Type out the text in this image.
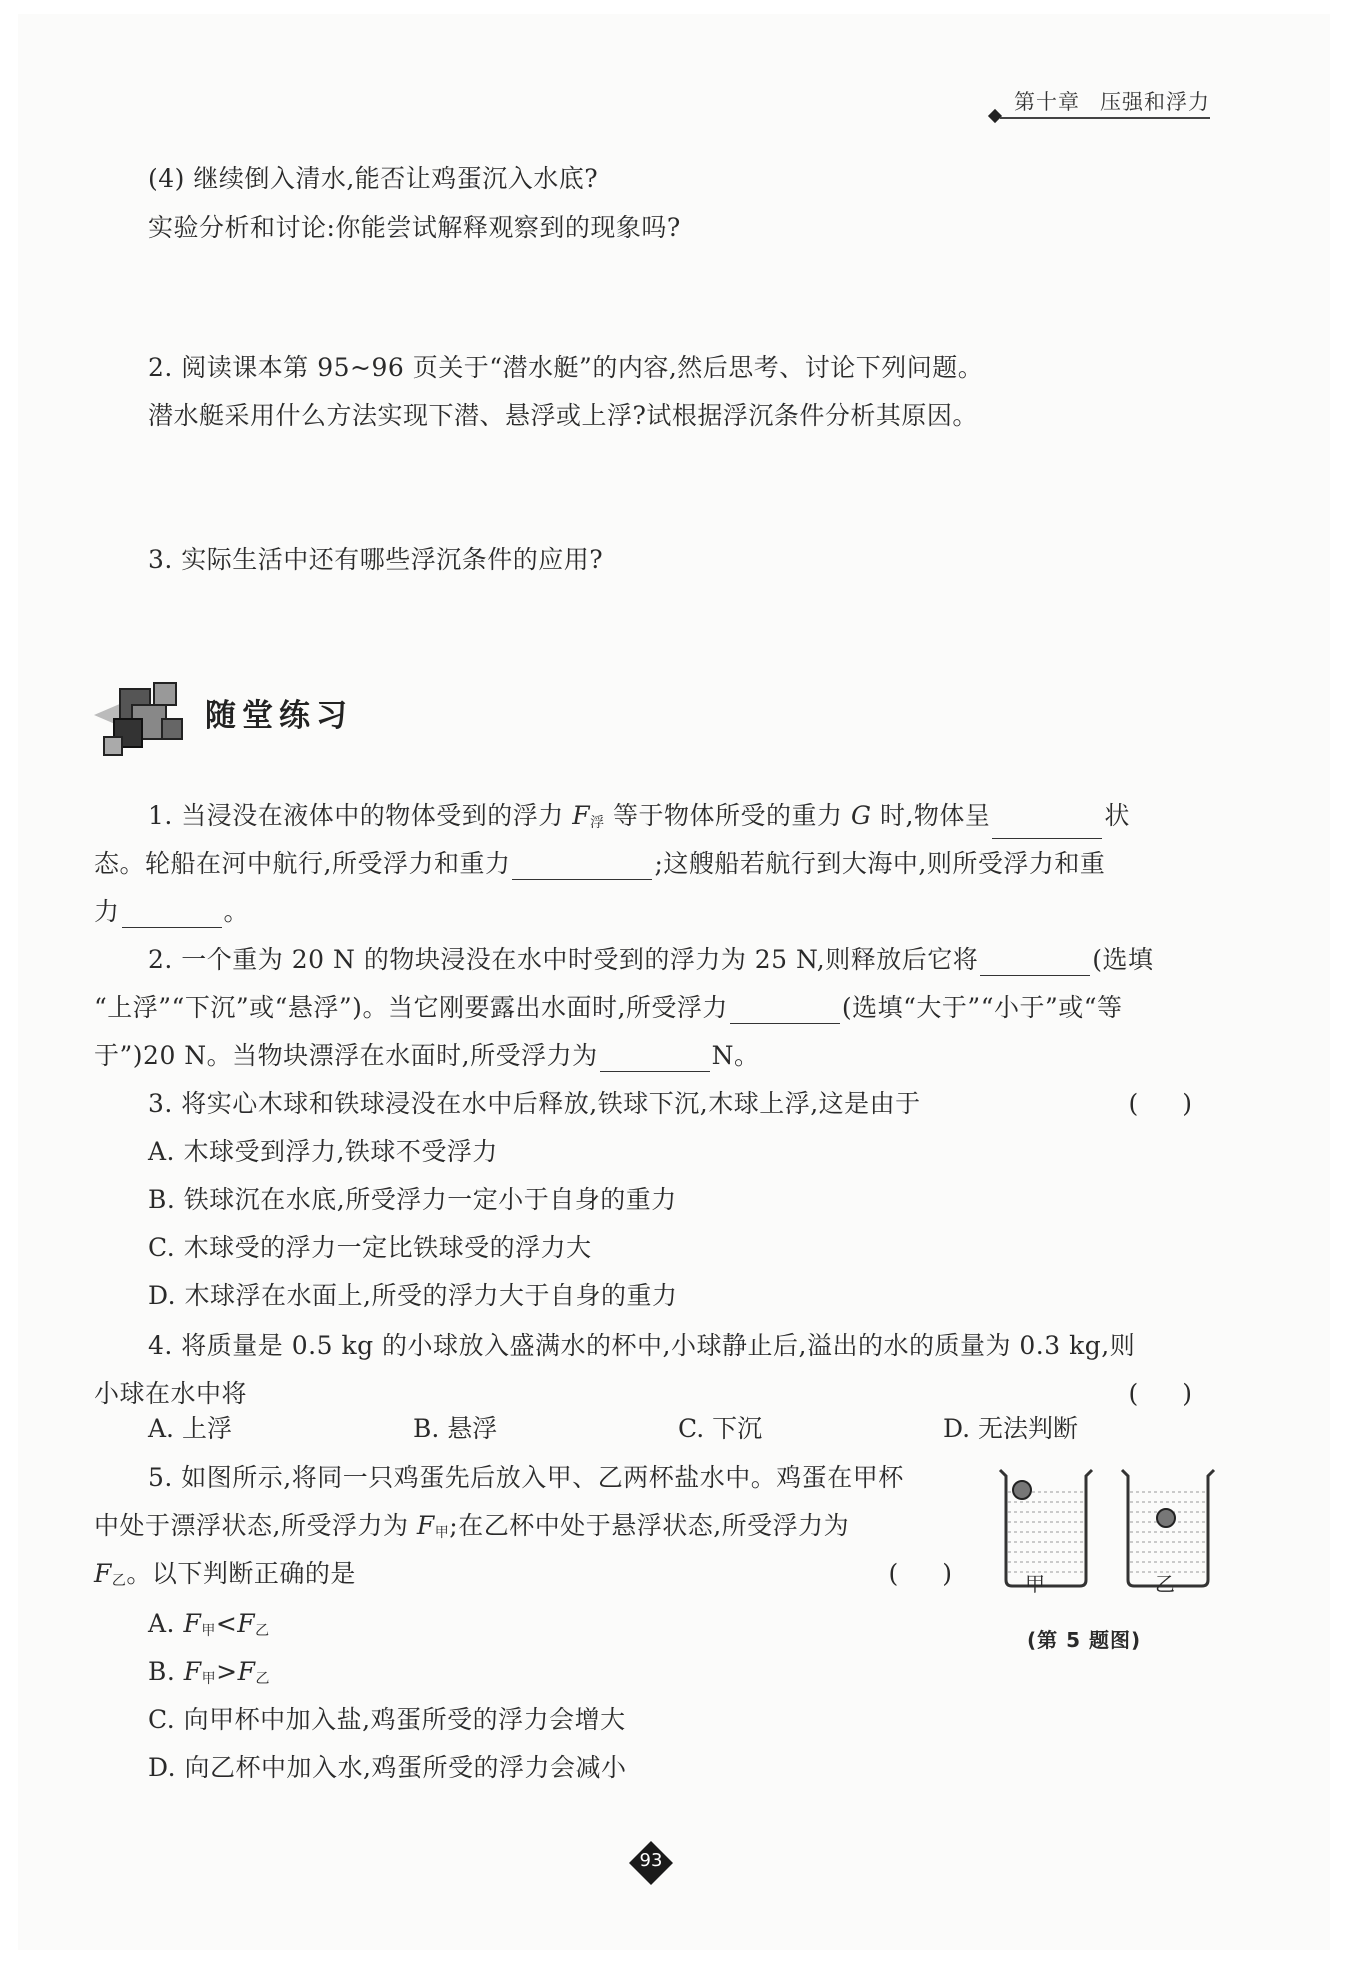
第十章 压强和浮力
(4) 继续倒入清水,能否让鸡蛋沉入水底?
实验分析和讨论:你能尝试解释观察到的现象吗?
2. 阅读课本第 95~96 页关于“潜水艇”的内容,然后思考、讨论下列问题。
潜水艇采用什么方法实现下潜、悬浮或上浮?试根据浮沉条件分析其原因。
3. 实际生活中还有哪些浮沉条件的应用?
随堂练习
1. 当浸没在液体中的物体受到的浮力 $F_浮$ 等于物体所受的重力 G 时,物体呈	状
态。轮船在河中航行,所受浮力和重力	;这艘船若航行到大海中,则所受浮力和重
力	。
2. 一个重为 20 N 的物块浸没在水中时受到的浮力为 25 N,则释放后它将	(选填
“上浮”“下沉”或“悬浮”)。当它刚要露出水面时,所受浮力	(选填“大于”“小于”或“等
于”)20 N。当物块漂浮在水面时,所受浮力为	N。
3. 将实心木球和铁球浸没在水中后释放,铁球下沉,木球上浮,这是由于	( )
A. 木球受到浮力,铁球不受浮力
B. 铁球沉在水底,所受浮力一定小于自身的重力
C. 木球受的浮力一定比铁球受的浮力大
D. 木球浮在水面上,所受的浮力大于自身的重力
4. 将质量是 0.5 kg 的小球放入盛满水的杯中,小球静止后,溢出的水的质量为 0.3 kg,则
小球在水中将	( )
A. 上浮	B. 悬浮	C. 下沉	D. 无法判断
5. 如图所示,将同一只鸡蛋先后放入甲、乙两杯盐水中。鸡蛋在甲杯
中处于漂浮状态,所受浮力为 $F_甲$;在乙杯中处于悬浮状态,所受浮力为
$F_乙$。以下判断正确的是	( )
A. $F_甲<F_乙$
B. $F_甲>F_乙$
C. 向甲杯中加入盐,鸡蛋所受的浮力会增大
D. 向乙杯中加入水,鸡蛋所受的浮力会减小
甲	乙
(第 5 题图)
93
